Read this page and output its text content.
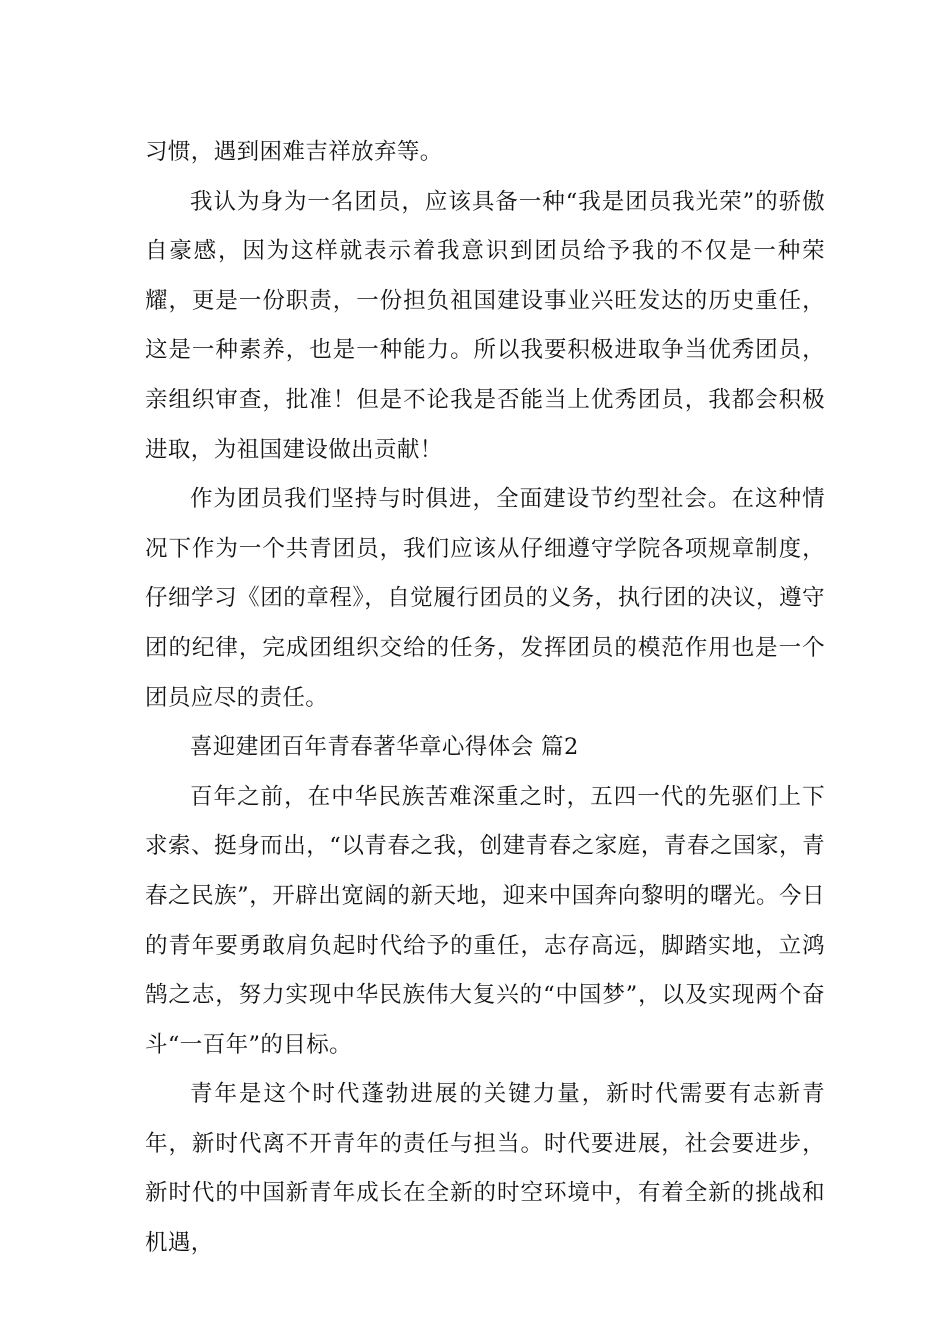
习惯，遇到困难吉祥放弃等。

我认为身为一名团员，应该具备一种“我是团员我光荣”的骄傲自豪感，因为这样就表示着我意识到团员给予我的不仅是一种荣耀，更是一份职责，一份担负祖国建设事业兴旺发达的历史重任，这是一种素养，也是一种能力。所以我要积极进取争当优秀团员，亲组织审查，批准！但是不论我是否能当上优秀团员，我都会积极进取，为祖国建设做出贡献！

作为团员我们坚持与时俱进，全面建设节约型社会。在这种情况下作为一个共青团员，我们应该从仔细遵守学院各项规章制度，仔细学习《团的章程》，自觉履行团员的义务，执行团的决议，遵守团的纪律，完成团组织交给的任务，发挥团员的模范作用也是一个团员应尽的责任。

喜迎建团百年青春著华章心得体会 篇2

百年之前，在中华民族苦难深重之时，五四一代的先驱们上下求索、挺身而出，“以青春之我，创建青春之家庭，青春之国家，青春之民族”，开辟出宽阔的新天地，迎来中国奔向黎明的曙光。今日的青年要勇敢肩负起时代给予的重任，志存高远，脚踏实地，立鸿鹄之志，努力实现中华民族伟大复兴的“中国梦”，以及实现两个奋斗“一百年”的目标。

青年是这个时代蓬勃进展的关键力量，新时代需要有志新青年，新时代离不开青年的责任与担当。时代要进展，社会要进步，新时代的中国新青年成长在全新的时空环境中，有着全新的挑战和机遇，
